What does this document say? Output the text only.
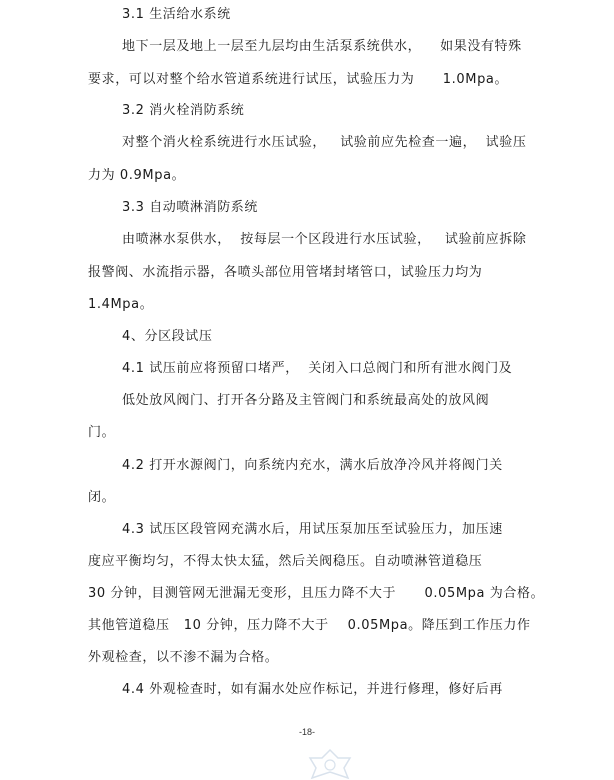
3.1 生活给水系统
地下一层及地上一层至九层均由生活泵系统供水，    如果没有特殊
要求，可以对整个给水管道系统进行试压，试验压力为      1.0Mpa。
3.2 消火栓消防系统
对整个消火栓系统进行水压试验，   试验前应先检查一遍，  试验压
力为 0.9Mpa。
3.3 自动喷淋消防系统
由喷淋水泵供水，  按每层一个区段进行水压试验，   试验前应拆除
报警阀、水流指示器，各喷头部位用管堵封堵管口，试验压力均为
1.4Mpa。
4、分区段试压
4.1 试压前应将预留口堵严，  关闭入口总阀门和所有泄水阀门及
低处放风阀门、打开各分路及主管阀门和系统最高处的放风阀
门。
4.2 打开水源阀门，向系统内充水，满水后放净冷风并将阀门关
闭。
4.3 试压区段管网充满水后，用试压泵加压至试验压力，加压速
度应平衡均匀，不得太快太猛，然后关阀稳压。自动喷淋管道稳压
30 分钟，目测管网无泄漏无变形，且压力降不大于      0.05Mpa 为合格。
其他管道稳压   10 分钟，压力降不大于    0.05Mpa。降压到工作压力作
外观检查，以不渗不漏为合格。
4.4 外观检查时，如有漏水处应作标记，并进行修理，修好后再
-18-
